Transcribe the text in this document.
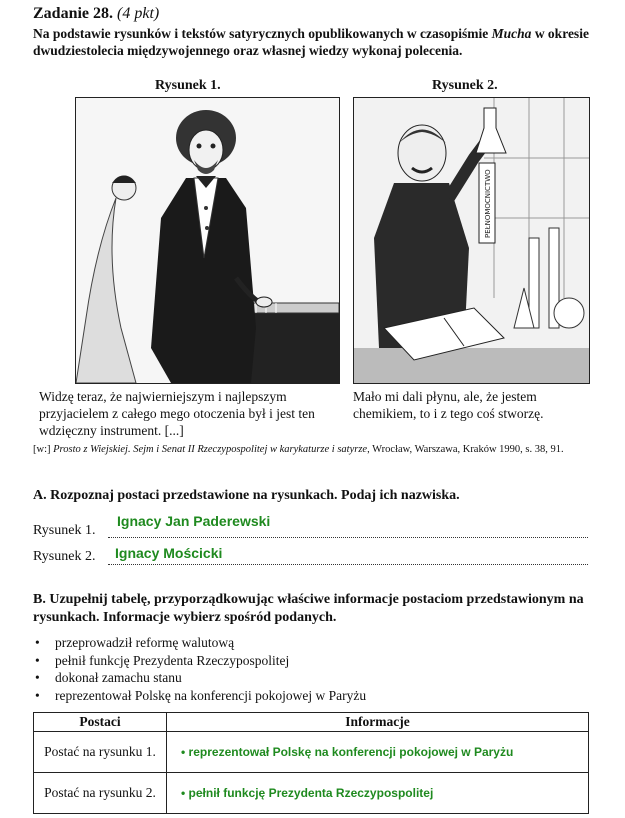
Zadanie 28. (4 pkt)
Na podstawie rysunków i tekstów satyrycznych opublikowanych w czasopiśmie Mucha w okresie dwudziestolecia międzywojennego oraz własnej wiedzy wykonaj polecenia.
Rysunek 1.
Widzę teraz, że najwierniejszym i najlepszym przyjacielem z całego mego otoczenia był i jest ten wdzięczny instrument. [...]
Rysunek 2.
PEŁNOMOCNICTWO
Mało mi dali płynu, ale, że jestem chemikiem, to i z tego coś stworzę.
[w:] Prosto z Wiejskiej. Sejm i Senat II Rzeczypospolitej w karykaturze i satyrze, Wrocław, Warszawa, Kraków 1990, s. 38, 91.
A. Rozpoznaj postaci przedstawione na rysunkach. Podaj ich nazwiska.
Rysunek 1.
Ignacy Jan Paderewski
Rysunek 2. Ignacy Mościcki
B. Uzupełnij tabelę, przyporządkowując właściwe informacje postaciom przedstawionym na rysunkach. Informacje wybierz spośród podanych.
• przeprowadził reformę walutową
• pełnił funkcję Prezydenta Rzeczypospolitej
• dokonał zamachu stanu
• reprezentował Polskę na konferencji pokojowej w Paryżu
Postaci	Informacje
Postać na rysunku 1.	• reprezentował Polskę na konferencji pokojowej w Paryżu
Postać na rysunku 2.	• pełnił funkcję Prezydenta Rzeczypospolitej
